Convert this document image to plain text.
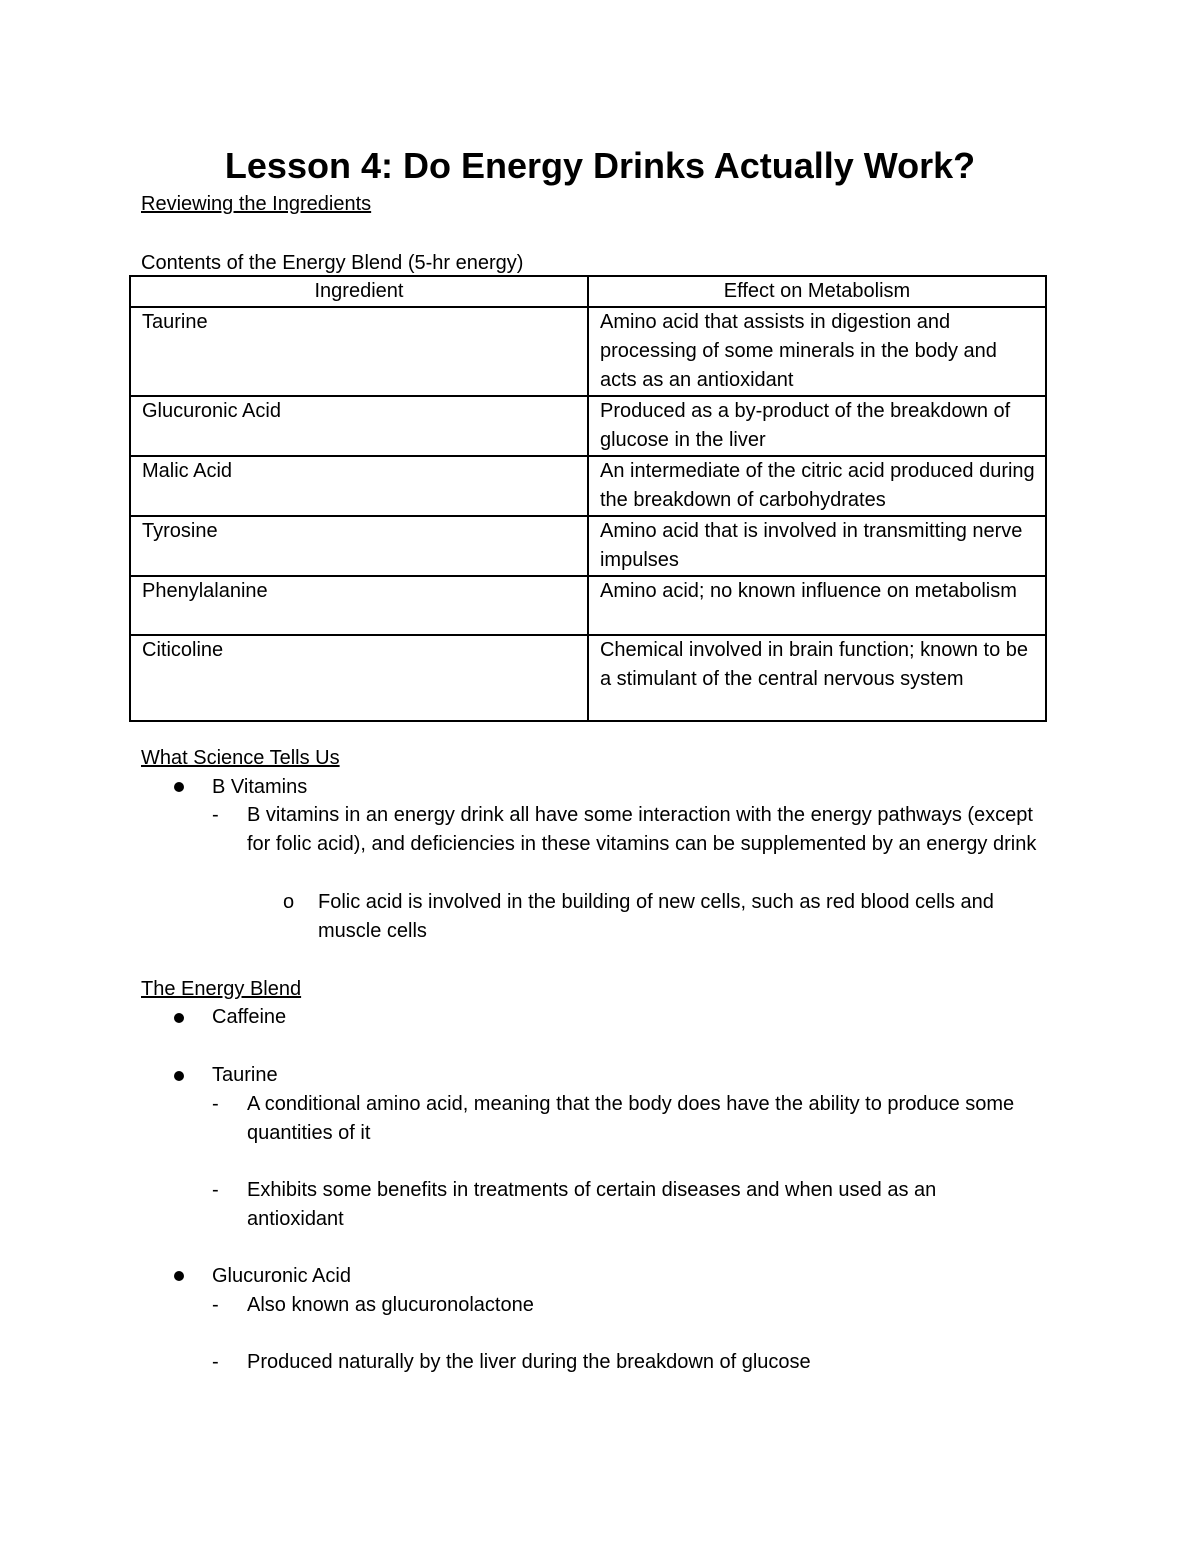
Lesson 4: Do Energy Drinks Actually Work?
Reviewing the Ingredients
Contents of the Energy Blend (5-hr energy)
Ingredient	Effect on Metabolism
Taurine	Amino acid that assists in digestion and processing of some minerals in the body and acts as an antioxidant
Glucuronic Acid	Produced as a by-product of the breakdown of glucose in the liver
Malic Acid	An intermediate of the citric acid produced during the breakdown of carbohydrates
Tyrosine	Amino acid that is involved in transmitting nerve impulses
Phenylalanine	Amino acid; no known influence on metabolism
Citicoline	Chemical involved in brain function; known to be a stimulant of the central nervous system
What Science Tells Us
B Vitamins
- B vitamins in an energy drink all have some interaction with the energy pathways (except for folic acid), and deficiencies in these vitamins can be supplemented by an energy drink
o Folic acid is involved in the building of new cells, such as red blood cells and muscle cells
The Energy Blend
Caffeine
Taurine
- A conditional amino acid, meaning that the body does have the ability to produce some quantities of it
- Exhibits some benefits in treatments of certain diseases and when used as an antioxidant
Glucuronic Acid
- Also known as glucuronolactone
- Produced naturally by the liver during the breakdown of glucose
